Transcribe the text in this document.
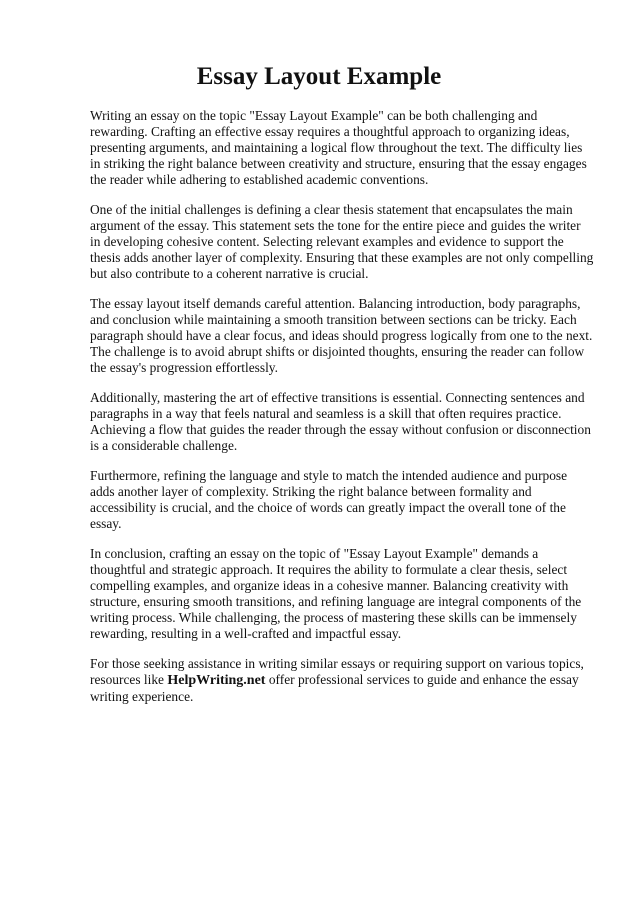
Essay Layout Example

Writing an essay on the topic "Essay Layout Example" can be both challenging and rewarding. Crafting an effective essay requires a thoughtful approach to organizing ideas, presenting arguments, and maintaining a logical flow throughout the text. The difficulty lies in striking the right balance between creativity and structure, ensuring that the essay engages the reader while adhering to established academic conventions.

One of the initial challenges is defining a clear thesis statement that encapsulates the main argument of the essay. This statement sets the tone for the entire piece and guides the writer in developing cohesive content. Selecting relevant examples and evidence to support the thesis adds another layer of complexity. Ensuring that these examples are not only compelling but also contribute to a coherent narrative is crucial.

The essay layout itself demands careful attention. Balancing introduction, body paragraphs, and conclusion while maintaining a smooth transition between sections can be tricky. Each paragraph should have a clear focus, and ideas should progress logically from one to the next. The challenge is to avoid abrupt shifts or disjointed thoughts, ensuring the reader can follow the essay's progression effortlessly.

Additionally, mastering the art of effective transitions is essential. Connecting sentences and paragraphs in a way that feels natural and seamless is a skill that often requires practice. Achieving a flow that guides the reader through the essay without confusion or disconnection is a considerable challenge.

Furthermore, refining the language and style to match the intended audience and purpose adds another layer of complexity. Striking the right balance between formality and accessibility is crucial, and the choice of words can greatly impact the overall tone of the essay.

In conclusion, crafting an essay on the topic of "Essay Layout Example" demands a thoughtful and strategic approach. It requires the ability to formulate a clear thesis, select compelling examples, and organize ideas in a cohesive manner. Balancing creativity with structure, ensuring smooth transitions, and refining language are integral components of the writing process. While challenging, the process of mastering these skills can be immensely rewarding, resulting in a well-crafted and impactful essay.

For those seeking assistance in writing similar essays or requiring support on various topics, resources like HelpWriting.net offer professional services to guide and enhance the essay writing experience.
